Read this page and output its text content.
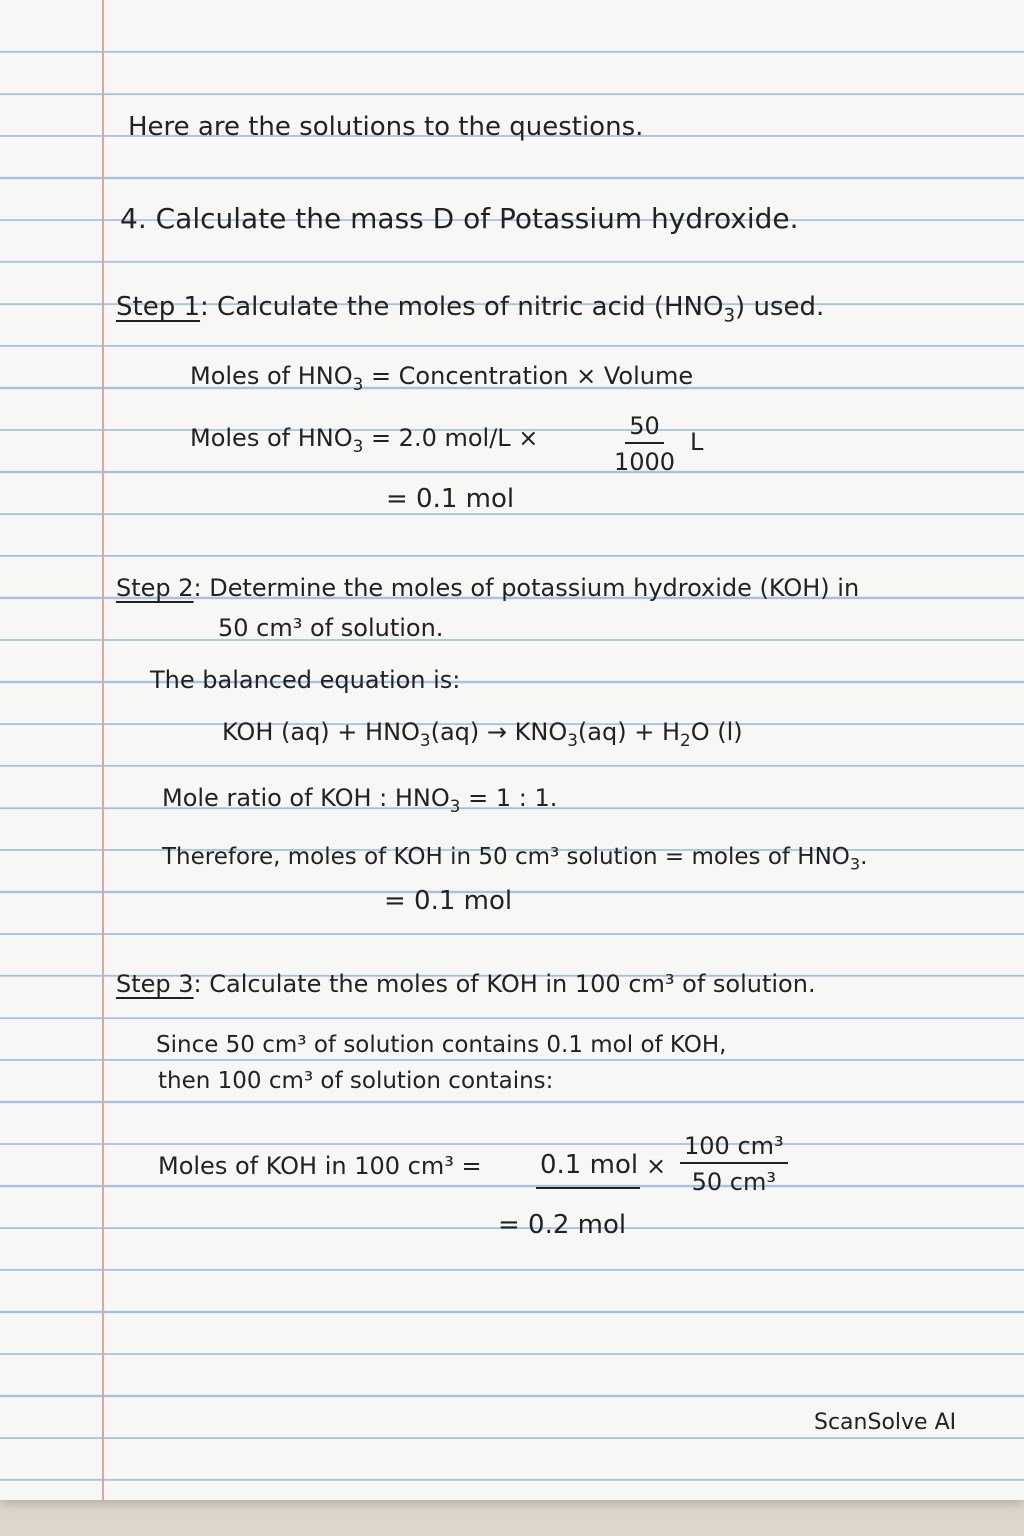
Here are the solutions to the questions.
4. Calculate the mass D of Potassium hydroxide.
Step 1: Calculate the moles of nitric acid $(HNO_3)$ used.
Moles of $HNO_3$ = Concentration × Volume
Moles of $HNO_3 = 2.0$ mol/L ×	$\frac{50}{1000}$ L
= 0.1 mol
Step 2: Determine the moles of potassium hydroxide (KOH) in
50 cm³ of solution.
The balanced equation is:
KOH $(aq) + HNO_3(aq) \to KNO_3(aq) + H_2O$ (l)
Mole ratio of KOH : $HNO_3 = 1$ : 1.
Therefore, moles of KOH in 50 cm³ solution = moles of $HNO_3$.
= 0.1 mol
Step 3: Calculate the moles of KOH in 100 cm³ of solution.
Since 50 cm³ of solution contains 0.1 mol of KOH,
then 100 cm³ of solution contains:
Moles of KOH in 100 cm³ = 0.1 mol × $\frac{\text{100 cm³}}{\text{50 cm³}}$
= 0.2 mol
ScanSolve AI
